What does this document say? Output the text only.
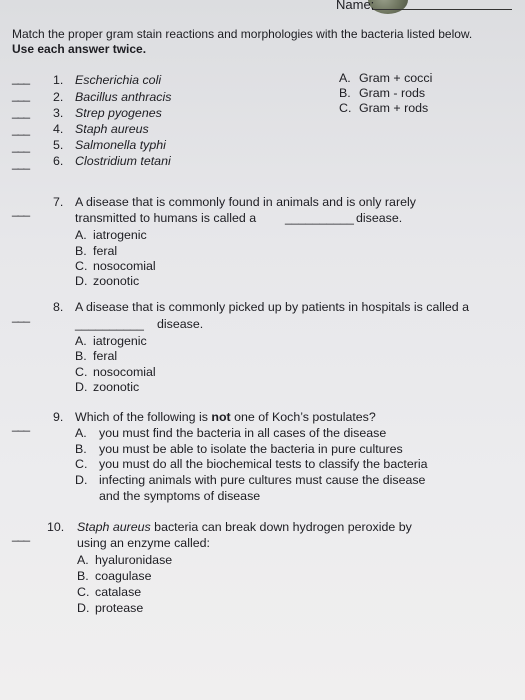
Name:
Match the proper gram stain reactions and morphologies with the bacteria listed below.
Use each answer twice.
___
___
___
___
___
___
1. Escherichia coli
2. Bacillus anthracis
3. Strep pyogenes
4. Staph aureus
5. Salmonella typhi
6. Clostridium tetani
A. Gram + cocci
B. Gram - rods
C. Gram + rods
___
7. A disease that is commonly found in animals and is only rarely
transmitted to humans is called a __________ disease.
A. iatrogenic
B. feral
C. nosocomial
D. zoonotic
___
8. A disease that is commonly picked up by patients in hospitals is called a
__________ disease.
A. iatrogenic
B. feral
C. nosocomial
D. zoonotic
___
9. Which of the following is not one of Koch’s postulates?
A. you must find the bacteria in all cases of the disease
B. you must be able to isolate the bacteria in pure cultures
C. you must do all the biochemical tests to classify the bacteria
D. infecting animals with pure cultures must cause the disease
and the symptoms of disease
___
10. Staph aureus bacteria can break down hydrogen peroxide by
using an enzyme called:
A. hyaluronidase
B. coagulase
C. catalase
D. protease
